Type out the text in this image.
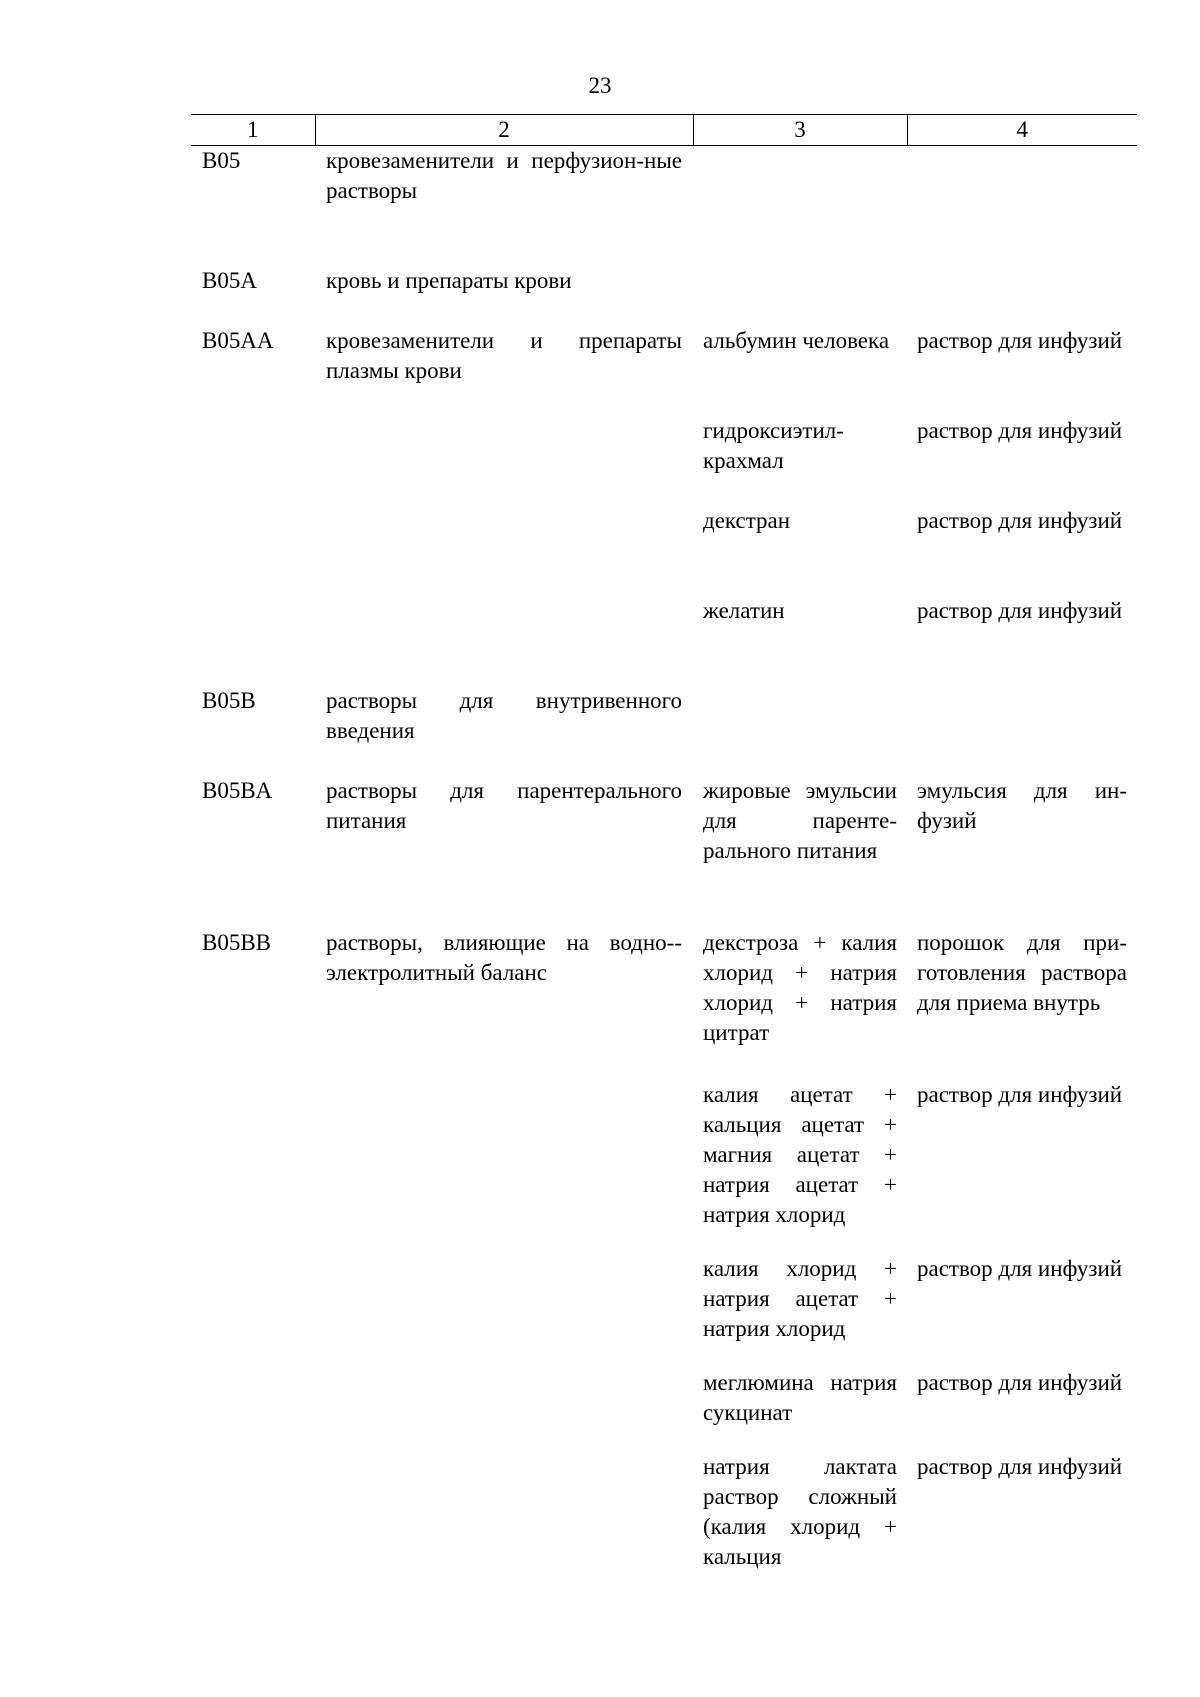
23
1	2	3	4
B05	кровезаменители и перфузион-ные растворы		
B05A	кровь и препараты крови		
B05AA	кровезаменители и препараты плазмы крови	альбумин человека	раствор для инфузий
		гидроксиэтилкрахмал	раствор для инфузий
		декстран	раствор для инфузий
		желатин	раствор для инфузий
B05B	растворы для внутривенного введения		
B05BA	растворы для парентерального питания	жировые эмульсии для парентерального питания	эмульсия для инфузий
B05BB	растворы, влияющие на водно-электролитный баланс	декстроза + калия хлорид + натрия хлорид + натрия цитрат	порошок для приготовления раствора для приема внутрь
		калия ацетат + кальция ацетат + магния ацетат + натрия ацетат + натрия хлорид	раствор для инфузий
		калия хлорид + натрия ацетат + натрия хлорид	раствор для инфузий
		меглюмина натрия сукцинат	раствор для инфузий
		натрия лактата раствор сложный (калия хлорид + кальция	раствор для инфузий
